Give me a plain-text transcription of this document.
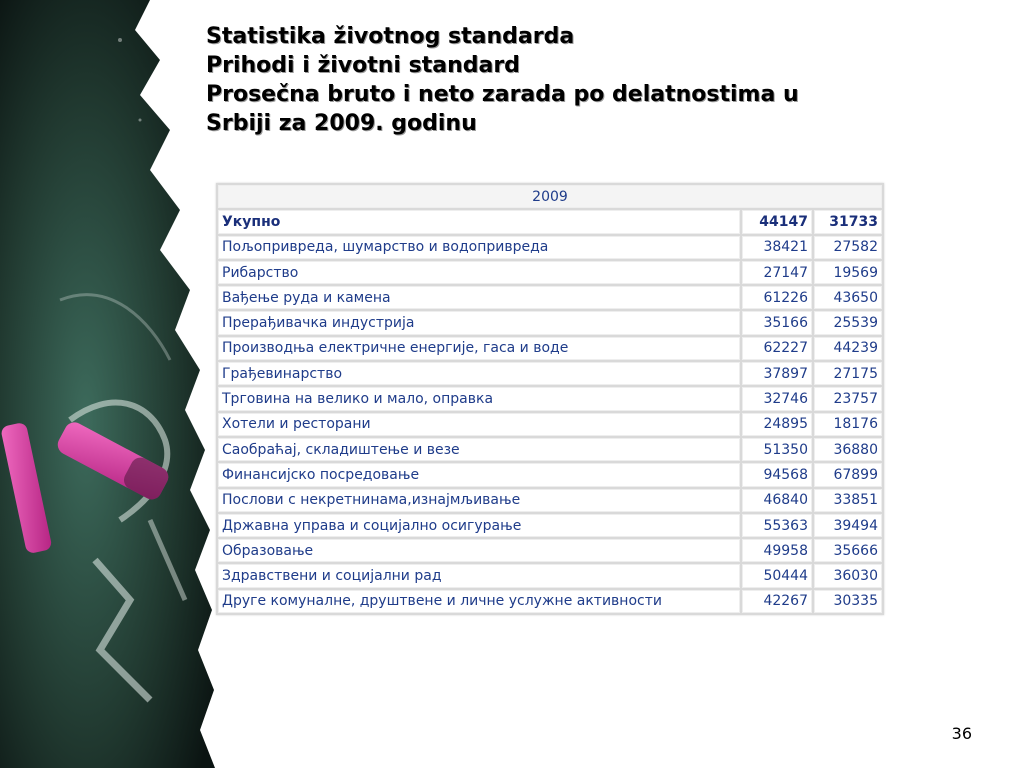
Statistika životnog standarda
Prihodi i životni standard
Prosečna bruto i neto zarada po delatnostima u
Srbiji za 2009. godinu
2009		
Укупно	44147	31733
Пољопривреда, шумарство и водопривреда	38421	27582
Рибарство	27147	19569
Вађење руда и камена	61226	43650
Прерађивачка индустрија	35166	25539
Производња електричне енергије, гаса и воде	62227	44239
Грађевинарство	37897	27175
Трговина на велико и мало, оправка	32746	23757
Хотели и ресторани	24895	18176
Саобраћај, складиштење и везе	51350	36880
Финансијско посредовање	94568	67899
Послови с некретнинама,изнајмљивање	46840	33851
Државна управа и социјално осигурање	55363	39494
Образовање	49958	35666
Здравствени и социјални рад	50444	36030
Друге комуналне, друштвене и личне услужне активности	42267	30335
36
